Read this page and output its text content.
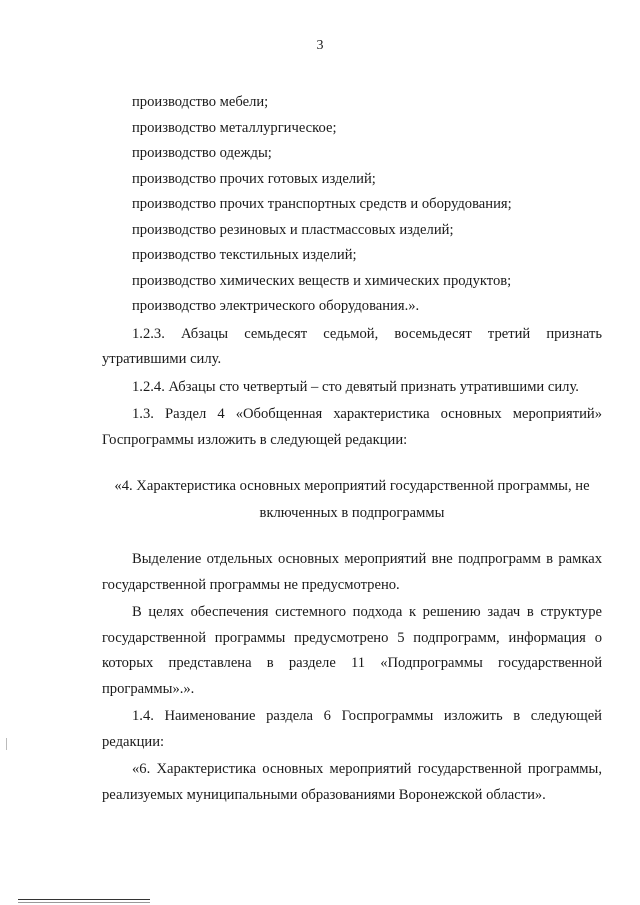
3
производство мебели;
производство металлургическое;
производство одежды;
производство прочих готовых изделий;
производство прочих транспортных средств и оборудования;
производство резиновых и пластмассовых изделий;
производство текстильных изделий;
производство химических веществ и химических продуктов;
производство электрического оборудования.».
1.2.3. Абзацы семьдесят седьмой, восемьдесят третий признать утратившими силу.
1.2.4. Абзацы сто четвертый – сто девятый признать утратившими силу.
1.3. Раздел 4 «Обобщенная характеристика основных мероприятий» Госпрограммы изложить в следующей редакции:
«4. Характеристика основных мероприятий государственной программы, не включенных в подпрограммы
Выделение отдельных основных мероприятий вне подпрограмм в рамках государственной программы не предусмотрено.
В целях обеспечения системного подхода к решению задач в структуре государственной программы предусмотрено 5 подпрограмм, информация о которых представлена в разделе 11 «Подпрограммы государственной программы».».
1.4. Наименование раздела 6 Госпрограммы изложить в следующей редакции:
«6. Характеристика основных мероприятий государственной программы, реализуемых муниципальными образованиями Воронежской области».
